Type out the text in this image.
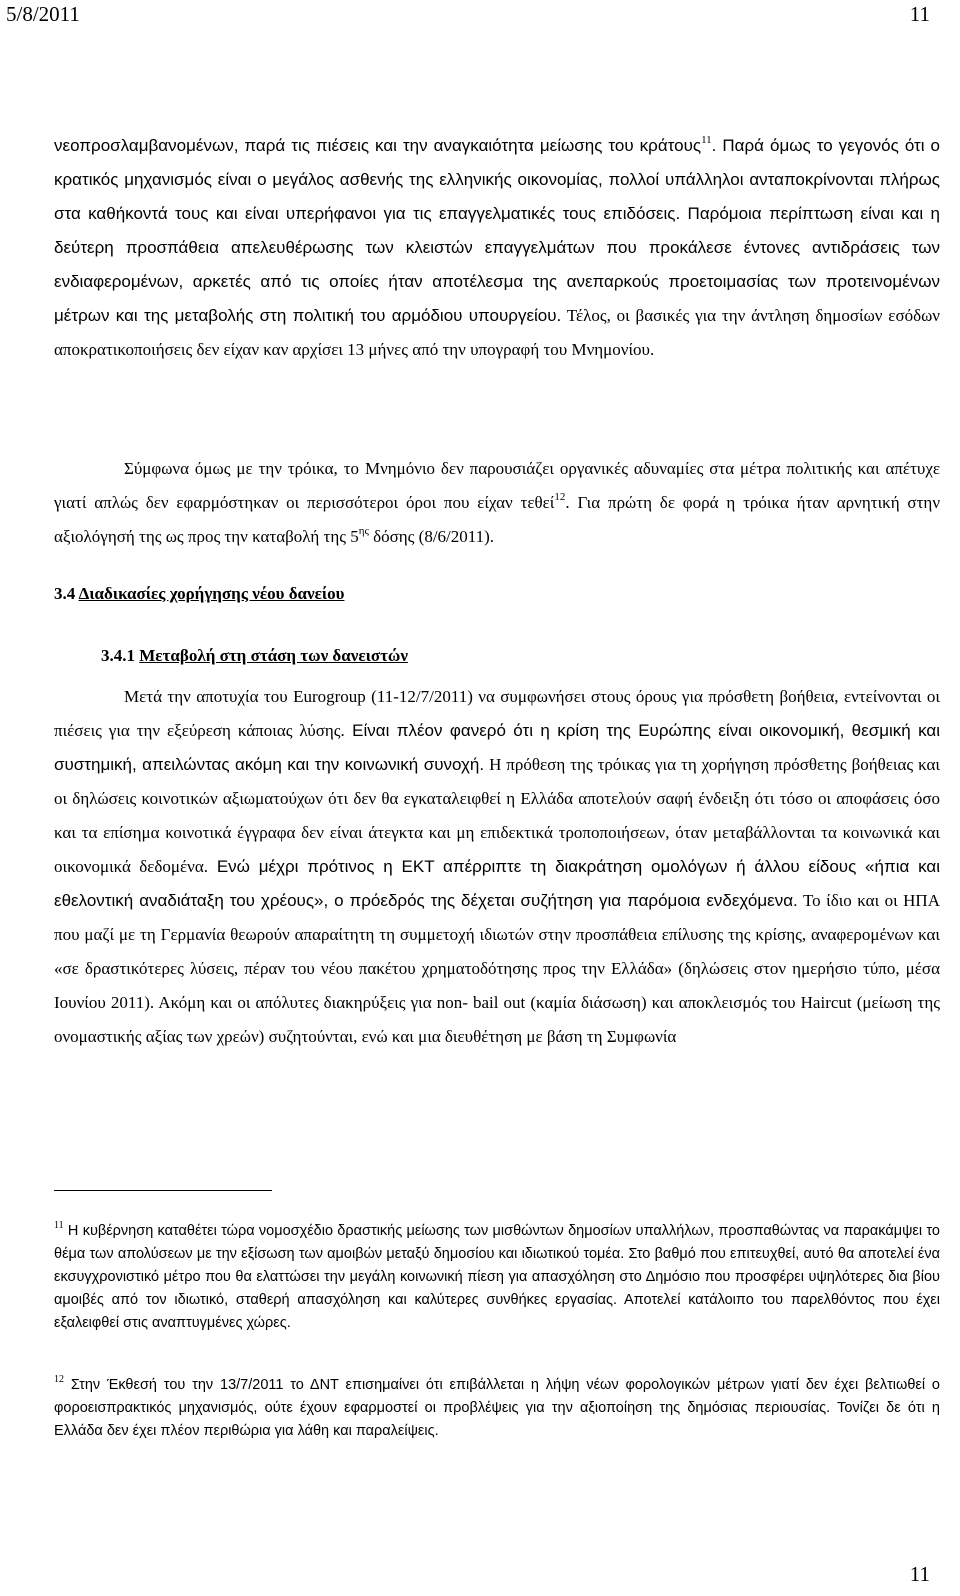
5/8/2011	11

νεοπροσλαμβανομένων, παρά τις πιέσεις και την αναγκαιότητα μείωσης του κράτους$^{11}$. Παρά όμως το γεγονός ότι ο κρατικός μηχανισμός είναι ο μεγάλος ασθενής της ελληνικής οικονομίας, πολλοί υπάλληλοι ανταποκρίνονται πλήρως στα καθήκοντά τους και είναι υπερήφανοι για τις επαγγελματικές τους επιδόσεις. Παρόμοια περίπτωση είναι και η δεύτερη προσπάθεια απελευθέρωσης των κλειστών επαγγελμάτων που προκάλεσε έντονες αντιδράσεις των ενδιαφερομένων, αρκετές από τις οποίες ήταν αποτέλεσμα της ανεπαρκούς προετοιμασίας των προτεινομένων μέτρων και της μεταβολής στη πολιτική του αρμόδιου υπουργείου. Τέλος, οι βασικές για την άντληση δημοσίων εσόδων αποκρατικοποιήσεις δεν είχαν καν αρχίσει 13 μήνες από την υπογραφή του Μνημονίου.

Σύμφωνα όμως με την τρόικα, το Μνημόνιο δεν παρουσιάζει οργανικές αδυναμίες στα μέτρα πολιτικής και απέτυχε γιατί απλώς δεν εφαρμόστηκαν οι περισσότεροι όροι που είχαν τεθεί$^{12}$. Για πρώτη δε φορά η τρόικα ήταν αρνητική στην αξιολόγησή της ως προς την καταβολή της $5^{\eta\varsigma}$ δόσης (8/6/2011).

3.4 Διαδικασίες χορήγησης νέου δανείου
3.4.1 Μεταβολή στη στάση των δανειστών

Μετά την αποτυχία του Eurogroup (11-12/7/2011) να συμφωνήσει στους όρους για πρόσθετη βοήθεια, εντείνονται οι πιέσεις για την εξεύρεση κάποιας λύσης. Είναι πλέον φανερό ότι η κρίση της Ευρώπης είναι οικονομική, θεσμική και συστημική, απειλώντας ακόμη και την κοινωνική συνοχή. Η πρόθεση της τρόικας για τη χορήγηση πρόσθετης βοήθειας και οι δηλώσεις κοινοτικών αξιωματούχων ότι δεν θα εγκαταλειφθεί η Ελλάδα αποτελούν σαφή ένδειξη ότι τόσο οι αποφάσεις όσο και τα επίσημα κοινοτικά έγγραφα δεν είναι άτεγκτα και μη επιδεκτικά τροποποιήσεων, όταν μεταβάλλονται τα κοινωνικά και οικονομικά δεδομένα. Ενώ μέχρι πρότινος η ΕΚΤ απέρριπτε τη διακράτηση ομολόγων ή άλλου είδους «ήπια και εθελοντική αναδιάταξη του χρέους», ο πρόεδρός της δέχεται συζήτηση για παρόμοια ενδεχόμενα. Το ίδιο και οι ΗΠΑ που μαζί με τη Γερμανία θεωρούν απαραίτητη τη συμμετοχή ιδιωτών στην προσπάθεια επίλυσης της κρίσης, αναφερομένων και «σε δραστικότερες λύσεις, πέραν του νέου πακέτου χρηματοδότησης προς την Ελλάδα» (δηλώσεις στον ημερήσιο τύπο, μέσα Ιουνίου 2011). Ακόμη και οι απόλυτες διακηρύξεις για non- bail out (καμία διάσωση) και αποκλεισμός του Haircut (μείωση της ονομαστικής αξίας των χρεών) συζητούνται, ενώ και μια διευθέτηση με βάση τη Συμφωνία

$^{11}$ Η κυβέρνηση καταθέτει τώρα νομοσχέδιο δραστικής μείωσης των μισθώντων δημοσίων υπαλλήλων, προσπαθώντας να παρακάμψει το θέμα των απολύσεων με την εξίσωση των αμοιβών μεταξύ δημοσίου και ιδιωτικού τομέα. Στο βαθμό που επιτευχθεί, αυτό θα αποτελεί ένα εκσυγχρονιστικό μέτρο που θα ελαττώσει την μεγάλη κοινωνική πίεση για απασχόληση στο Δημόσιο που προσφέρει υψηλότερες δια βίου αμοιβές από τον ιδιωτικό, σταθερή απασχόληση και καλύτερες συνθήκες εργασίας. Αποτελεί κατάλοιπο του παρελθόντος που έχει εξαλειφθεί στις αναπτυγμένες χώρες.

$^{12}$ Στην Έκθεσή του την 13/7/2011 το ΔΝΤ επισημαίνει ότι επιβάλλεται η λήψη νέων φορολογικών μέτρων γιατί δεν έχει βελτιωθεί ο φοροεισπρακτικός μηχανισμός, ούτε έχουν εφαρμοστεί οι προβλέψεις για την αξιοποίηση της δημόσιας περιουσίας. Τονίζει δε ότι η Ελλάδα δεν έχει πλέον περιθώρια για λάθη και παραλείψεις.

11
